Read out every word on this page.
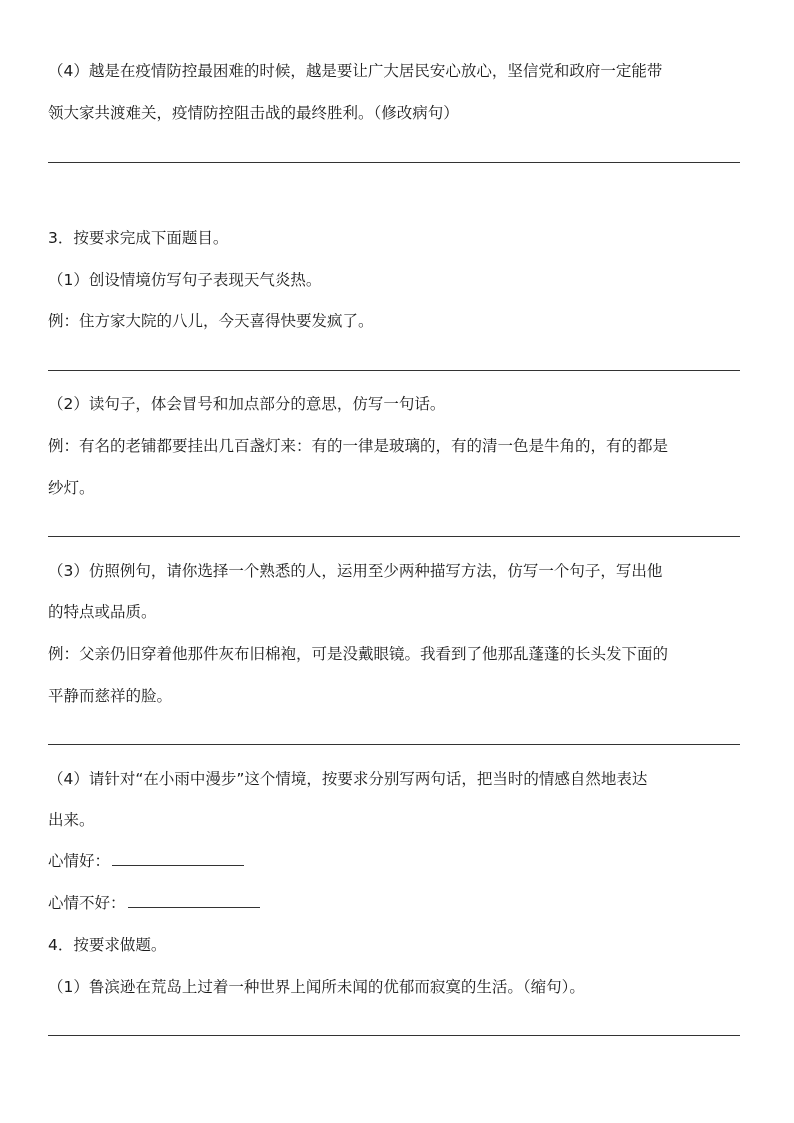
（4）越是在疫情防控最困难的时候，越是要让广大居民安心放心，坚信党和政府一定能带
领大家共渡难关，疫情防控阻击战的最终胜利。（修改病句）
3．按要求完成下面题目。
（1）创设情境仿写句子表现天气炎热。
例：住方家大院的八儿，今天喜得快要发疯了。
（2）读句子，体会冒号和加点部分的意思，仿写一句话。
例：有名的老铺都要挂出几百盏灯来：有的一律是玻璃的，有的清一色是牛角的，有的都是
纱灯。
（3）仿照例句，请你选择一个熟悉的人，运用至少两种描写方法，仿写一个句子，写出他
的特点或品质。
例：父亲仍旧穿着他那件灰布旧棉袍，可是没戴眼镜。我看到了他那乱蓬蓬的长头发下面的
平静而慈祥的脸。
（4）请针对“在小雨中漫步”这个情境，按要求分别写两句话，把当时的情感自然地表达
出来。
心情好：
心情不好：
4．按要求做题。
（1）鲁滨逊在荒岛上过着一种世界上闻所未闻的优郁而寂寞的生活。（缩句）。
